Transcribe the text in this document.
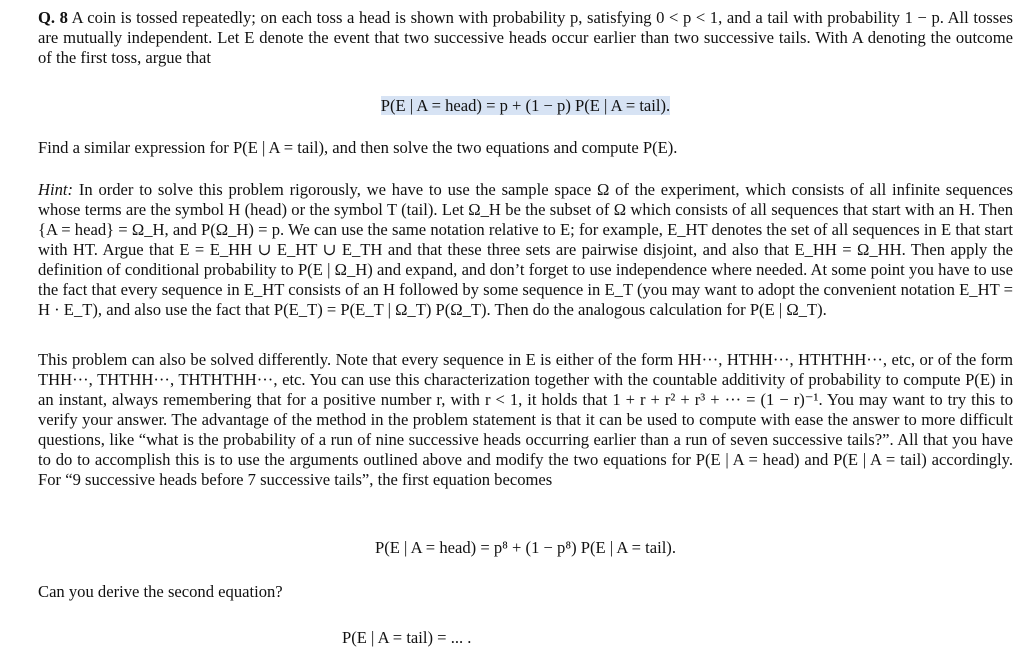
Q. 8 A coin is tossed repeatedly; on each toss a head is shown with probability p, satisfying 0 < p < 1, and a tail with probability 1 − p. All tosses are mutually independent. Let E denote the event that two successive heads occur earlier than two successive tails. With A denoting the outcome of the first toss, argue that

P(E | A = head) = p + (1 − p) P(E | A = tail).

Find a similar expression for P(E | A = tail), and then solve the two equations and compute P(E).

Hint: In order to solve this problem rigorously, we have to use the sample space Ω of the experiment, which consists of all infinite sequences whose terms are the symbol H (head) or the symbol T (tail). Let Ω_H be the subset of Ω which consists of all sequences that start with an H. Then {A = head} = Ω_H, and P(Ω_H) = p. We can use the same notation relative to E; for example, E_HT denotes the set of all sequences in E that start with HT. Argue that E = E_HH ∪ E_HT ∪ E_TH and that these three sets are pairwise disjoint, and also that E_HH = Ω_HH. Then apply the definition of conditional probability to P(E | Ω_H) and expand, and don’t forget to use independence where needed. At some point you have to use the fact that every sequence in E_HT consists of an H followed by some sequence in E_T (you may want to adopt the convenient notation E_HT = H · E_T), and also use the fact that P(E_T) = P(E_T | Ω_T) P(Ω_T). Then do the analogous calculation for P(E | Ω_T).

This problem can also be solved differently. Note that every sequence in E is either of the form HH···, HTHH···, HTHTHH···, etc, or of the form THH···, THTHH···, THTHTHH···, etc. You can use this characterization together with the countable additivity of probability to compute P(E) in an instant, always remembering that for a positive number r, with r < 1, it holds that 1 + r + r² + r³ + ··· = (1 − r)⁻¹. You may want to try this to verify your answer. The advantage of the method in the problem statement is that it can be used to compute with ease the answer to more difficult questions, like “what is the probability of a run of nine successive heads occurring earlier than a run of seven successive tails?”. All that you have to do to accomplish this is to use the arguments outlined above and modify the two equations for P(E | A = head) and P(E | A = tail) accordingly. For “9 successive heads before 7 successive tails”, the first equation becomes

P(E | A = head) = p⁸ + (1 − p⁸) P(E | A = tail).

Can you derive the second equation?

P(E | A = tail) = ... .
